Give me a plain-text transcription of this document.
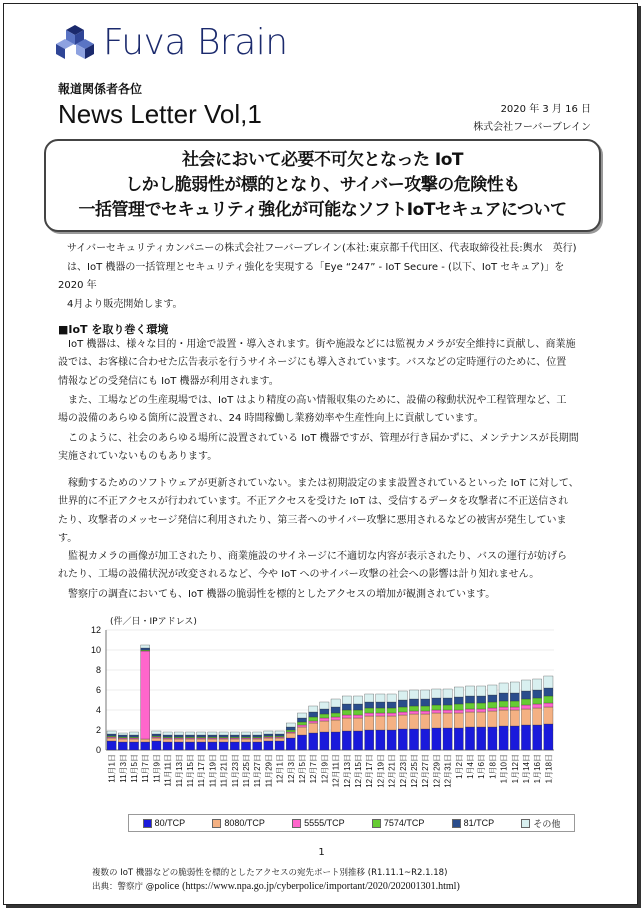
Fuva Brain
報道関係者各位
News Letter Vol,1	2020 年 3 月 16 日
株式会社フーバーブレイン
社会において必要不可欠となった IoT
しかし脆弱性が標的となり、サイバー攻撃の危険性も
一括管理でセキュリティ強化が可能なソフトIoTセキュアについて
サイバーセキュリティカンパニーの株式会社フーバーブレイン(本社:東京都千代田区、代表取締役社長:輿水　英行)
は、IoT 機器の一括管理とセキュリティ強化を実現する「Eye “247” - IoT Secure - (以下、IoT セキュア)」を 2020 年
4月より販売開始します。
■IoT を取り巻く環境
IoT 機器は、様々な目的・用途で設置・導入されます。街や施設などには監視カメラが安全維持に貢献し、商業施
設では、お客様に合わせた広告表示を行うサイネージにも導入されています。バスなどの定時運行のために、位置
情報などの受発信にも IoT 機器が利用されます。
また、工場などの生産現場では、IoT はより精度の高い情報収集のために、設備の稼動状況や工程管理など、工
場の設備のあらゆる箇所に設置され、24 時間稼働し業務効率や生産性向上に貢献しています。
このように、社会のあらゆる場所に設置されている IoT 機器ですが、管理が行き届かずに、メンテナンスが長期間
実施されていないものもあります。
稼動するためのソフトウェアが更新されていない。または初期設定のまま設置されているといった IoT に対して、
世界的に不正アクセスが行われています。不正アクセスを受けた IoT は、受信するデータを攻撃者に不正送信され
たり、攻撃者のメッセージ発信に利用されたり、第三者へのサイバー攻撃に悪用されるなどの被害が発生していま
す。
監視カメラの画像が加工されたり、商業施設のサイネージに不適切な内容が表示されたり、バスの運行が妨げら
れたり、工場の設備状況が改変されるなど、今や IoT へのサイバー攻撃の社会への影響は計り知れません。
警察庁の調査においても、IoT 機器の脆弱性を標的としたアクセスの増加が観測されています。
(件／日・IPアドレス)
0
2
4
6
8
10
12
11月1日 11月3日 11月5日 11月7日 11月9日 11月11日 11月13日 11月15日 11月17日 11月19日 11月21日 11月23日 11月25日 11月27日 11月29日 12月1日 12月3日 12月5日 12月7日 12月9日 12月11日 12月13日 12月15日 12月17日 12月19日 12月21日 12月23日 12月25日 12月27日 12月29日 12月31日 1月2日 1月4日 1月6日 1月8日 1月10日 1月12日 1月14日 1月16日 1月18日
80/TCP	8080/TCP	5555/TCP	7574/TCP	81/TCP	その他
1
複数の IoT 機器などの脆弱性を標的としたアクセスの宛先ポート別推移 (R1.11.1~R2.1.18)
出典：警察庁 @police (https://www.npa.go.jp/cyberpolice/important/2020/202001301.html)
